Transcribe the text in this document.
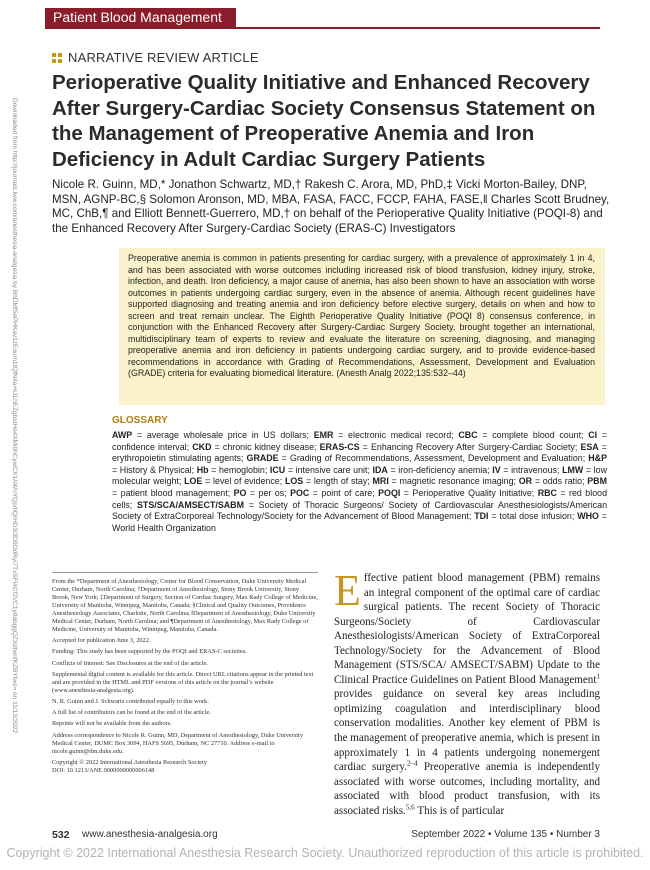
Patient Blood Management
Downloaded from http://journals.lww.com/anesthesia-analgesia by BhDMf5ePHKav1zEoum1tQfN4a+kJLhEZgbsIHo4XMi0hCywCX1AWnYQp/IlQrHD3i3D0OdRyi7TvSFl4Cf3VC1y0abggQZXdtwnfKZBYtws= on 11/13/2022
NARRATIVE REVIEW ARTICLE
Perioperative Quality Initiative and Enhanced Recovery After Surgery-Cardiac Society Consensus Statement on the Management of Preoperative Anemia and Iron Deficiency in Adult Cardiac Surgery Patients

Nicole R. Guinn, MD,* Jonathon Schwartz, MD,† Rakesh C. Arora, MD, PhD,‡ Vicki Morton-Bailey, DNP, MSN, AGNP-BC,§ Solomon Aronson, MD, MBA, FASA, FACC, FCCP, FAHA, FASE,‖ Charles Scott Brudney, MC, ChB,¶ and Elliott Bennett-Guerrero, MD,† on behalf of the Perioperative Quality Initiative (POQI-8) and the Enhanced Recovery After Surgery-Cardiac Society (ERAS-C) Investigators

Preoperative anemia is common in patients presenting for cardiac surgery, with a prevalence of approximately 1 in 4, and has been associated with worse outcomes including increased risk of blood transfusion, kidney injury, stroke, infection, and death. Iron deficiency, a major cause of anemia, has also been shown to have an association with worse outcomes in patients undergoing cardiac surgery, even in the absence of anemia. Although recent guidelines have supported diagnosing and treating anemia and iron deficiency before elective surgery, details on when and how to screen and treat remain unclear. The Eighth Perioperative Quality Initiative (POQI 8) consensus conference, in conjunction with the Enhanced Recovery after Surgery-Cardiac Surgery Society, brought together an international, multidisciplinary team of experts to review and evaluate the literature on screening, diagnosing, and managing preoperative anemia and iron deficiency in patients undergoing cardiac surgery, and to provide evidence-based recommendations in accordance with Grading of Recommendations, Assessment, Development and Evaluation (GRADE) criteria for evaluating biomedical literature. (Anesth Analg 2022;135:532–44)
GLOSSARY

AWP = average wholesale price in US dollars; EMR = electronic medical record; CBC = complete blood count; CI = confidence interval; CKD = chronic kidney disease; ERAS-CS = Enhancing Recovery After Surgery-Cardiac Society; ESA = erythropoietin stimulating agents; GRADE = Grading of Recommendations, Assessment, Development and Evaluation; H&P = History & Physical; Hb = hemoglobin; ICU = intensive care unit; IDA = iron-deficiency anemia; IV = intravenous; LMW = low molecular weight; LOE = level of evidence; LOS = length of stay; MRI = magnetic resonance imaging; OR = odds ratio; PBM = patient blood management; PO = per os; POC = point of care; POQI = Perioperative Quality Initiative; RBC = red blood cells; STS/SCA/AMSECT/SABM = Society of Thoracic Surgeons/ Society of Cardiovascular Anesthesiologists/American Society of ExtraCorporeal Technology/Society for the Advancement of Blood Management; TDI = total dose infusion; WHO = World Health Organization

From the *Department of Anesthesiology, Center for Blood Conservation, Duke University Medical Center, Durham, North Carolina; †Department of Anesthesiology, Stony Brook University, Stony Brook, New York; ‡Department of Surgery, Section of Cardiac Surgery, Max Rady College of Medicine, University of Manitoba, Winnipeg, Manitoba, Canada; §Clinical and Quality Outcomes, Providence Anesthesiology Associates, Charlotte, North Carolina; ‖Department of Anesthesiology, Duke University Medical Center, Durham, North Carolina; and ¶Department of Anesthesiology, Max Rady College of Medicine, University of Manitoba, Winnipeg, Manitoba, Canada.

Accepted for publication June 3, 2022.

Funding: This study has been supported by the POQI and ERAS-C societies.

Conflicts of Interest: See Disclosures at the end of the article.

Supplemental digital content is available for this article. Direct URL citations appear in the printed text and are provided in the HTML and PDF versions of this article on the journal’s website (www.anesthesia-analgesia.org).

N. R. Guinn and J. Schwartz contributed equally to this work.

A full list of contributors can be found at the end of the article.

Reprints will not be available from the authors.

Address correspondence to Nicole R. Guinn, MD, Department of Anesthesiology, Duke University Medical Center, DUMC Box 3094, HAFS 5695, Durham, NC 27710. Address e-mail to nicole.guinn@dm.duke.edu.

Copyright © 2022 International Anesthesia Research Society
DOI: 10.1213/ANE.0000000000006148

Effective patient blood management (PBM) remains an integral component of the optimal care of cardiac surgical patients. The recent Society of Thoracic Surgeons/Society of Cardiovascular Anesthesiologists/American Society of ExtraCorporeal Technology/Society for the Advancement of Blood Management (STS/SCA/ AMSECT/SABM) Update to the Clinical Practice Guidelines on Patient Blood Management$^1$ provides guidance on several key areas including optimizing coagulation and interdisciplinary blood conservation modalities. Another key element of PBM is the management of preoperative anemia, which is present in approximately 1 in 4 patients undergoing nonemergent cardiac surgery.$^{2-4}$ Preoperative anemia is independently associated with worse outcomes, including mortality, and associated with blood product transfusion, with its associated risks.$^{5,6}$ This is of particular

532 www.anesthesia-analgesia.org	September 2022 • Volume 135 • Number 3
Copyright © 2022 International Anesthesia Research Society. Unauthorized reproduction of this article is prohibited.
